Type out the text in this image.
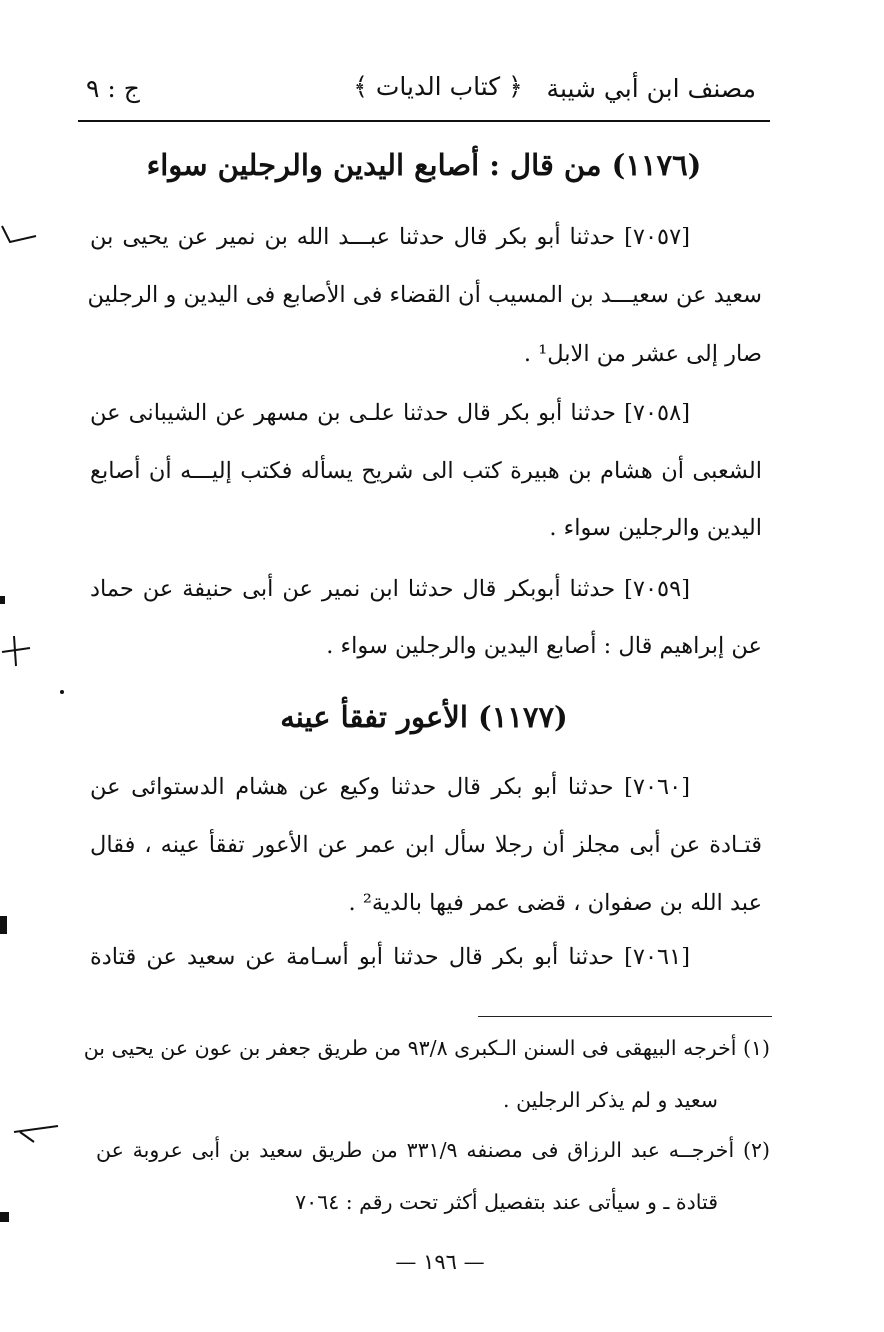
مصنف ابن أبي شيبة
﴿ كتاب الديات ﴾
ج : ٩
(١١٧٦) من قال : أصابع اليدين والرجلين سواء
[٧٠٥٧] حدثنا أبو بكر قال حدثنا عبـــد الله بن نمير عن يحيى بن
سعيد عن سعيـــد بن المسيب أن القضاء فى الأصابع فى اليدين و الرجلين
صار إلى عشر من الابل¹ .
[٧٠٥٨] حدثنا أبو بكر قال حدثنا علـى بن مسهر عن الشيبانى عن
الشعبى أن هشام بن هبيرة كتب الى شريح يسأله فكتب إليـــه أن أصابع
اليدين والرجلين سواء .
[٧٠٥٩] حدثنا أبوبكر قال حدثنا ابن نمير عن أبى حنيفة عن حماد
عن إبراهيم قال : أصابع اليدين والرجلين سواء .
(١١٧٧) الأعور تفقأ عينه
[٧٠٦٠] حدثنا أبو بكر قال حدثنا وكيع عن هشام الدستوائى عن
قتـادة عن أبى مجلز أن رجلا سأل ابن عمر عن الأعور تفقأ عينه ، فقال
عبد الله بن صفوان ، قضى عمر فيها بالدية² .
[٧٠٦١] حدثنا أبو بكر قال حدثنا أبو أسـامة عن سعيد عن قتادة
(١) أخرجه البيهقى فى السنن الـكبرى ٩٣/٨ من طريق جعفر بن عون عن يحيى بن
سعيد و لم يذكر الرجلين .
(٢) أخرجــه عبد الرزاق فى مصنفه ٣٣١/٩ من طريق سعيد بن أبى عروبة عن
قتادة ـ و سيأتى عند بتفصيل أكثر تحت رقم : ٧٠٦٤
— ١٩٦ —
